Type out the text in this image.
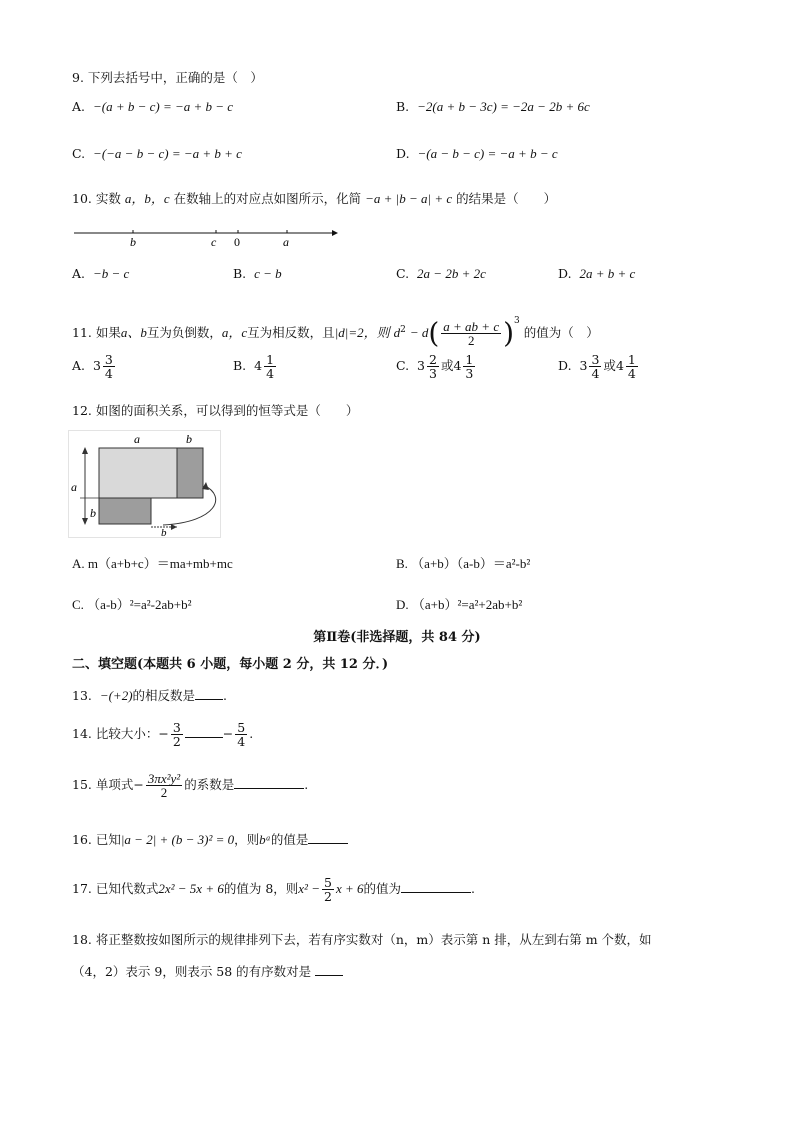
9. 下列去括号中，正确的是（　）
A. −(a + b − c) = −a + b − c	B. −2(a + b − 3c) = −2a − 2b + 6c
C. −(−a − b − c) = −a + b + c	D. −(a − b − c) = −a + b − c
10. 实数 a，b，c 在数轴上的对应点如图所示，化简 −a + |b − a| + c 的结果是（　　）
b	c 0	a
A. −b − c	B. c − b	C. 2a − 2b + 2c	D. 2a + b + c
11. 如果a、b互为负倒数，a，c互为相反数，且|d|=2，则 $d^2 - d( \frac{a + ab + c}{2} )^3$ 的值为（　）
A. $3 \frac{3}{4}$	B. $4 \frac{1}{4}$	C. $3 \frac{2}{3}$ 或$4 \frac{1}{3}$	D. $3 \frac{3}{4}$ 或$4 \frac{1}{4}$
12. 如图的面积关系，可以得到的恒等式是（　　）
a	b
a
b
b
A. m（a+b+c）＝ma+mb+mc	B. （a+b）（a-b）＝a²-b²
C. （a-b）²=a²-2ab+b²	D. （a+b）²=a²+2ab+b²
第Ⅱ卷(非选择题，共 84 分)
二、填空题(本题共 6 小题，每小题 2 分，共 12 分．)
13.  −(+2)的相反数是 .
14. 比较大小：− $\frac{3}{2}$	− $\frac{5}{4}$ .
15. 单项式− $\frac{\text{3πx²y²}}{2}$ 的系数是	.
16. 已知|a − 2| + (b − 3)² = 0，则bᵃ的值是
17. 已知代数式2x² − 5x + 6的值为 8，则$x^2 - \frac{5}{2}$ x + 6的值为	.
18. 将正整数按如图所示的规律排列下去，若有序实数对（n，m）表示第 n 排，从左到右第 m 个数，如
（4，2）表示 9，则表示 58 的有序数对是
